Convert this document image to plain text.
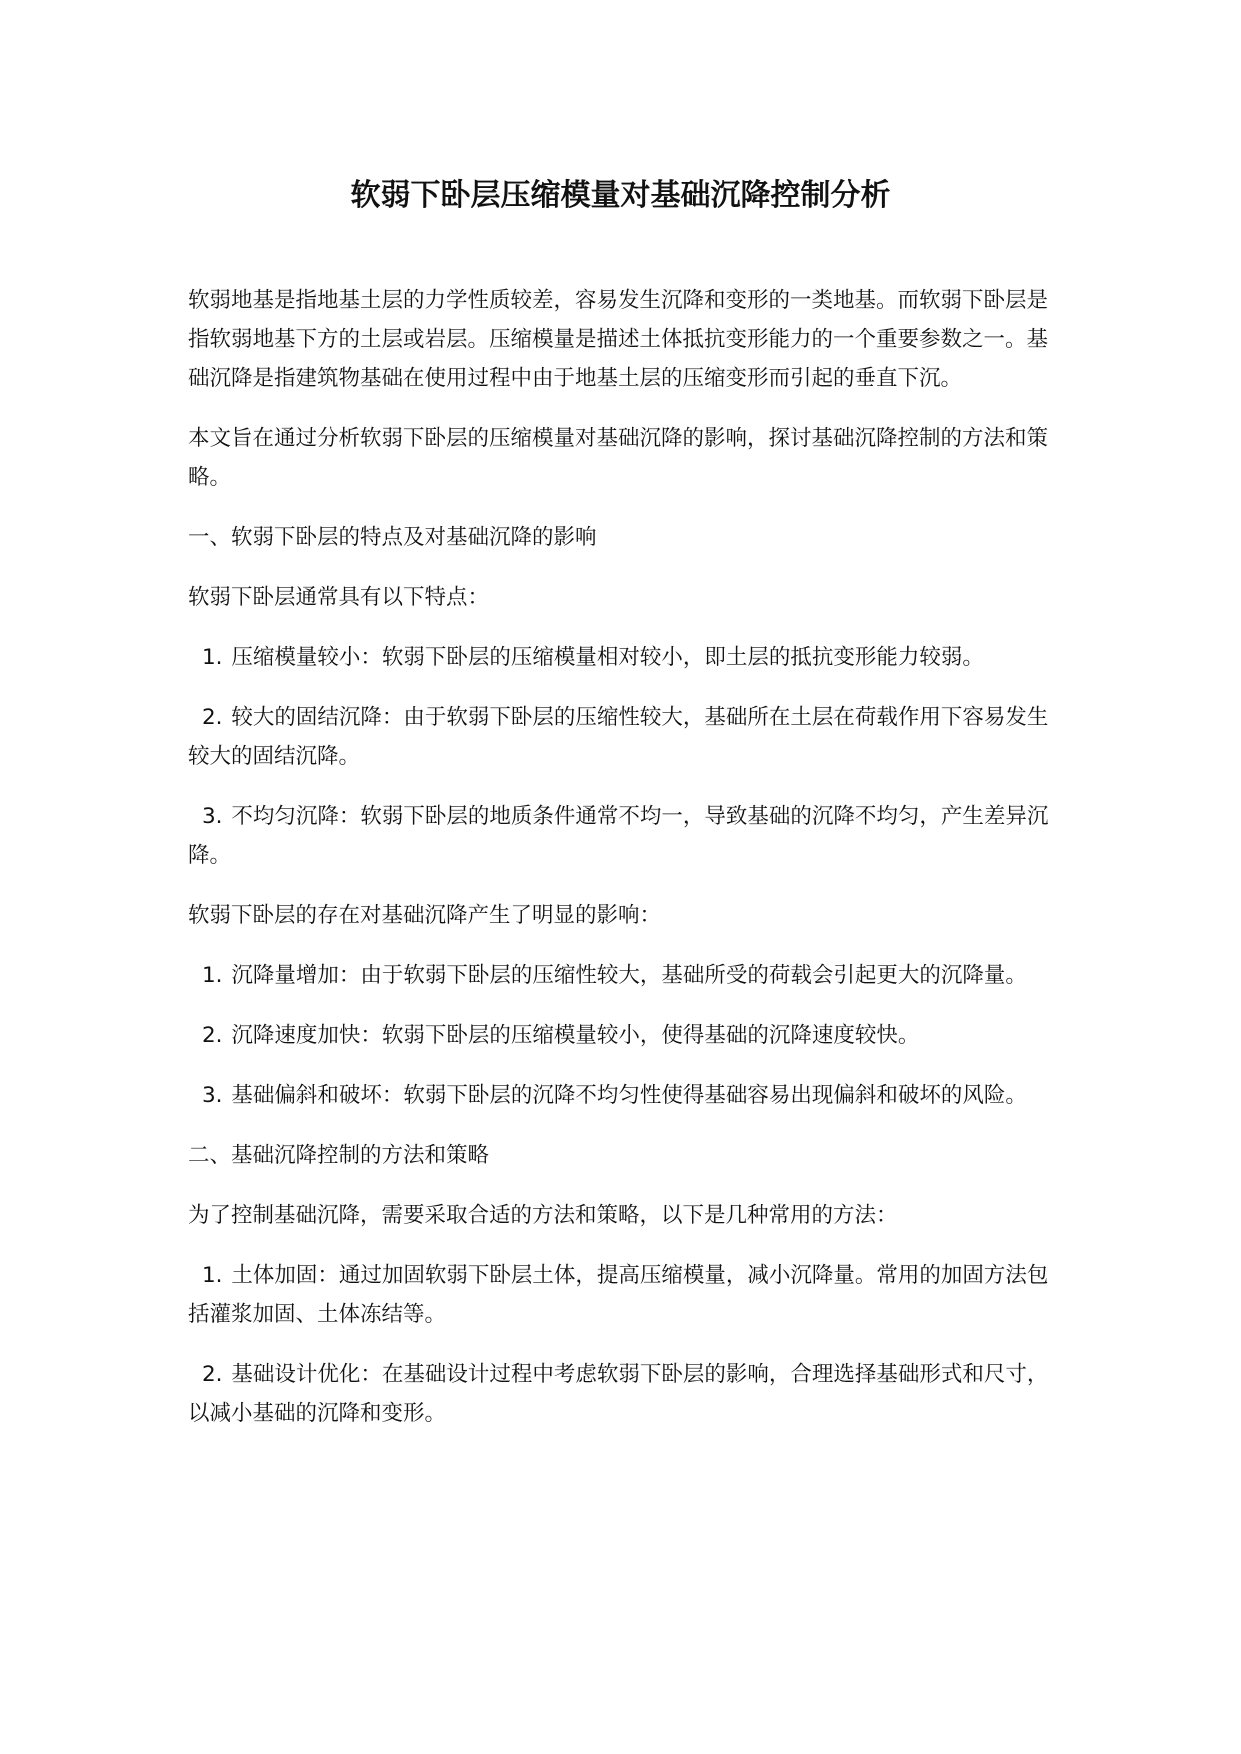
软弱下卧层压缩模量对基础沉降控制分析

软弱地基是指地基土层的力学性质较差，容易发生沉降和变形的一类地基。而软弱下卧层是指软弱地基下方的土层或岩层。压缩模量是描述土体抵抗变形能力的一个重要参数之一。基础沉降是指建筑物基础在使用过程中由于地基土层的压缩变形而引起的垂直下沉。

本文旨在通过分析软弱下卧层的压缩模量对基础沉降的影响，探讨基础沉降控制的方法和策略。

一、软弱下卧层的特点及对基础沉降的影响

软弱下卧层通常具有以下特点：

1. 压缩模量较小：软弱下卧层的压缩模量相对较小，即土层的抵抗变形能力较弱。

2. 较大的固结沉降：由于软弱下卧层的压缩性较大，基础所在土层在荷载作用下容易发生较大的固结沉降。

3. 不均匀沉降：软弱下卧层的地质条件通常不均一，导致基础的沉降不均匀，产生差异沉降。

软弱下卧层的存在对基础沉降产生了明显的影响：

1. 沉降量增加：由于软弱下卧层的压缩性较大，基础所受的荷载会引起更大的沉降量。

2. 沉降速度加快：软弱下卧层的压缩模量较小，使得基础的沉降速度较快。

3. 基础偏斜和破坏：软弱下卧层的沉降不均匀性使得基础容易出现偏斜和破坏的风险。

二、基础沉降控制的方法和策略

为了控制基础沉降，需要采取合适的方法和策略，以下是几种常用的方法：

1. 土体加固：通过加固软弱下卧层土体，提高压缩模量，减小沉降量。常用的加固方法包括灌浆加固、土体冻结等。

2. 基础设计优化：在基础设计过程中考虑软弱下卧层的影响，合理选择基础形式和尺寸，以减小基础的沉降和变形。
